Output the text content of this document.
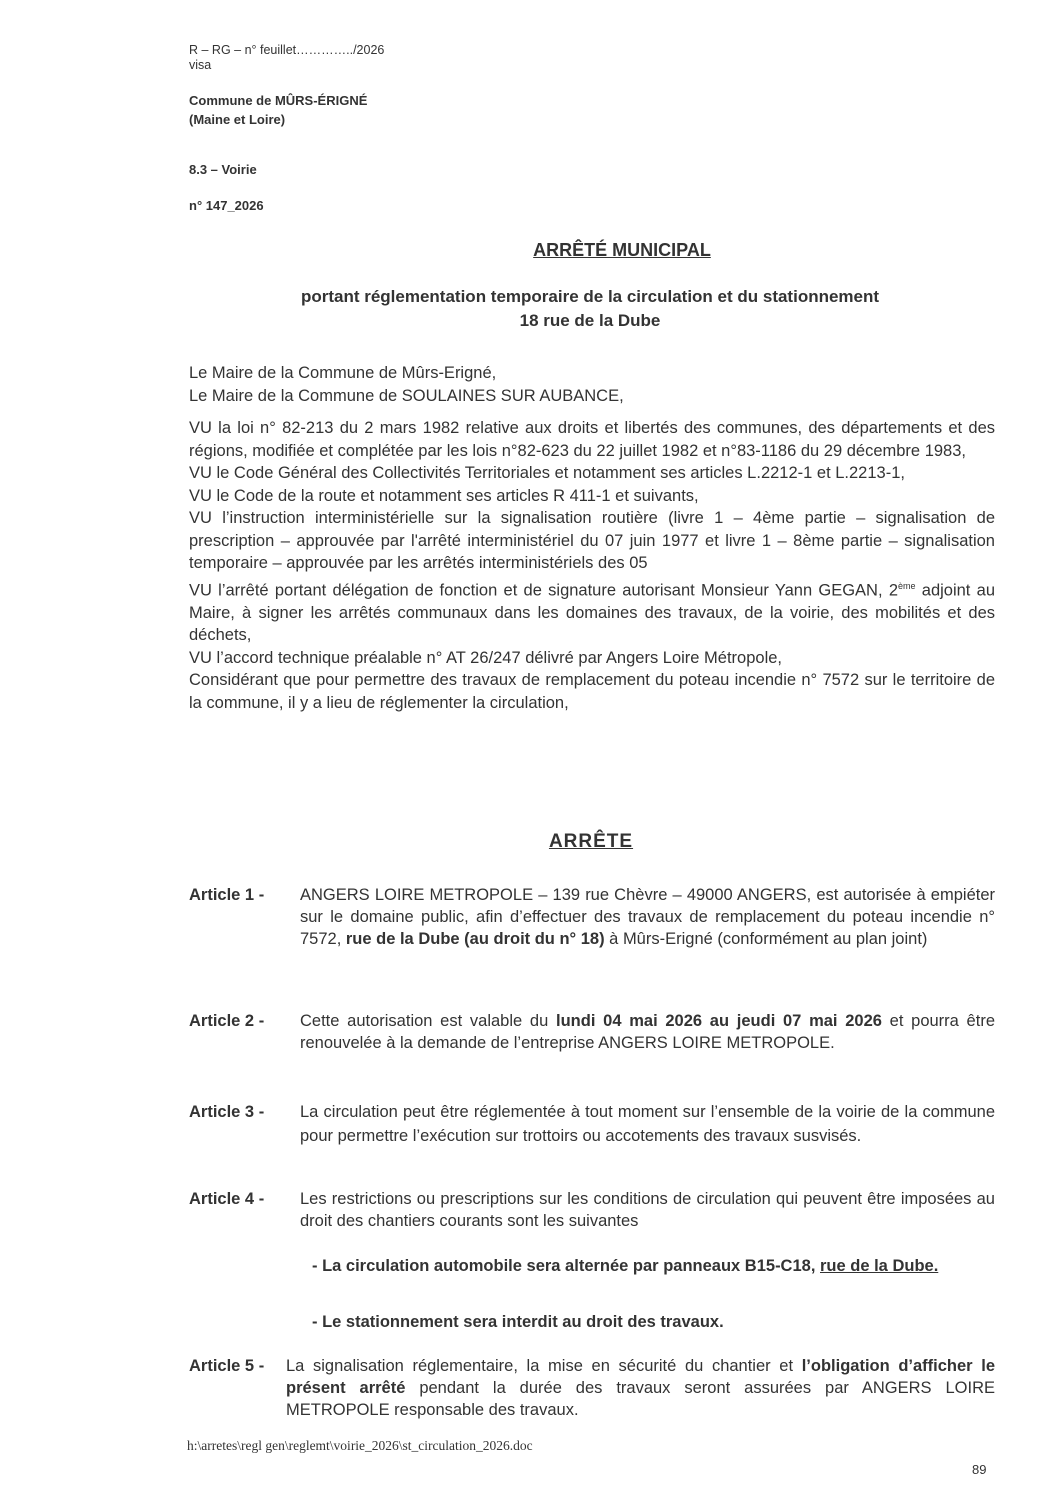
R – RG – n° feuillet…………../2026
visa
Commune de MÛRS-ÉRIGNÉ
(Maine et Loire)
8.3 – Voirie
n° 147_2026
ARRÊTÉ MUNICIPAL
portant réglementation temporaire de la circulation et du stationnement
18 rue de la Dube

Le Maire de la Commune de Mûrs-Erigné,

Le Maire de la Commune de SOULAINES SUR AUBANCE,

VU la loi n° 82-213 du 2 mars 1982 relative aux droits et libertés des communes, des départements et des régions, modifiée et complétée par les lois n°82-623 du 22 juillet 1982 et n°83-1186 du 29 décembre 1983,

VU le Code Général des Collectivités Territoriales et notamment ses articles L.2212-1 et L.2213-1,

VU le Code de la route et notamment ses articles R 411-1 et suivants,

VU l’instruction interministérielle sur la signalisation routière (livre 1 – 4ème partie – signalisation de prescription – approuvée par l'arrêté interministériel du 07 juin 1977 et livre 1 – 8ème partie – signalisation temporaire – approuvée par les arrêtés interministériels des 05

VU l’arrêté portant délégation de fonction et de signature autorisant Monsieur Yann GEGAN, 2ème adjoint au Maire, à signer les arrêtés communaux dans les domaines des travaux, de la voirie, des mobilités et des déchets,

VU l’accord technique préalable n° AT 26/247 délivré par Angers Loire Métropole,

Considérant que pour permettre des travaux de remplacement du poteau incendie n° 7572 sur le territoire de la commune, il y a lieu de réglementer la circulation,

ARRÊTE
Article 1 - ANGERS LOIRE METROPOLE – 139 rue Chèvre – 49000 ANGERS, est autorisée à empiéter sur le domaine public, afin d’effectuer des travaux de remplacement du poteau incendie n° 7572, rue de la Dube (au droit du n° 18) à Mûrs-Erigné (conformément au plan joint)
Article 2 - Cette autorisation est valable du lundi 04 mai 2026 au jeudi 07 mai 2026 et pourra être renouvelée à la demande de l’entreprise ANGERS LOIRE METROPOLE.
Article 3 - La circulation peut être réglementée à tout moment sur l’ensemble de la voirie de la commune pour permettre l’exécution sur trottoirs ou accotements des travaux susvisés.
Article 4 - Les restrictions ou prescriptions sur les conditions de circulation qui peuvent être imposées au droit des chantiers courants sont les suivantes
- La circulation automobile sera alternée par panneaux B15-C18, rue de la Dube.
- Le stationnement sera interdit au droit des travaux.
Article 5 - La signalisation réglementaire, la mise en sécurité du chantier et l’obligation d’afficher le présent arrêté pendant la durée des travaux seront assurées par ANGERS LOIRE METROPOLE responsable des travaux.
h:\arretes\regl gen\reglemt\voirie_2026\st_circulation_2026.doc
89
